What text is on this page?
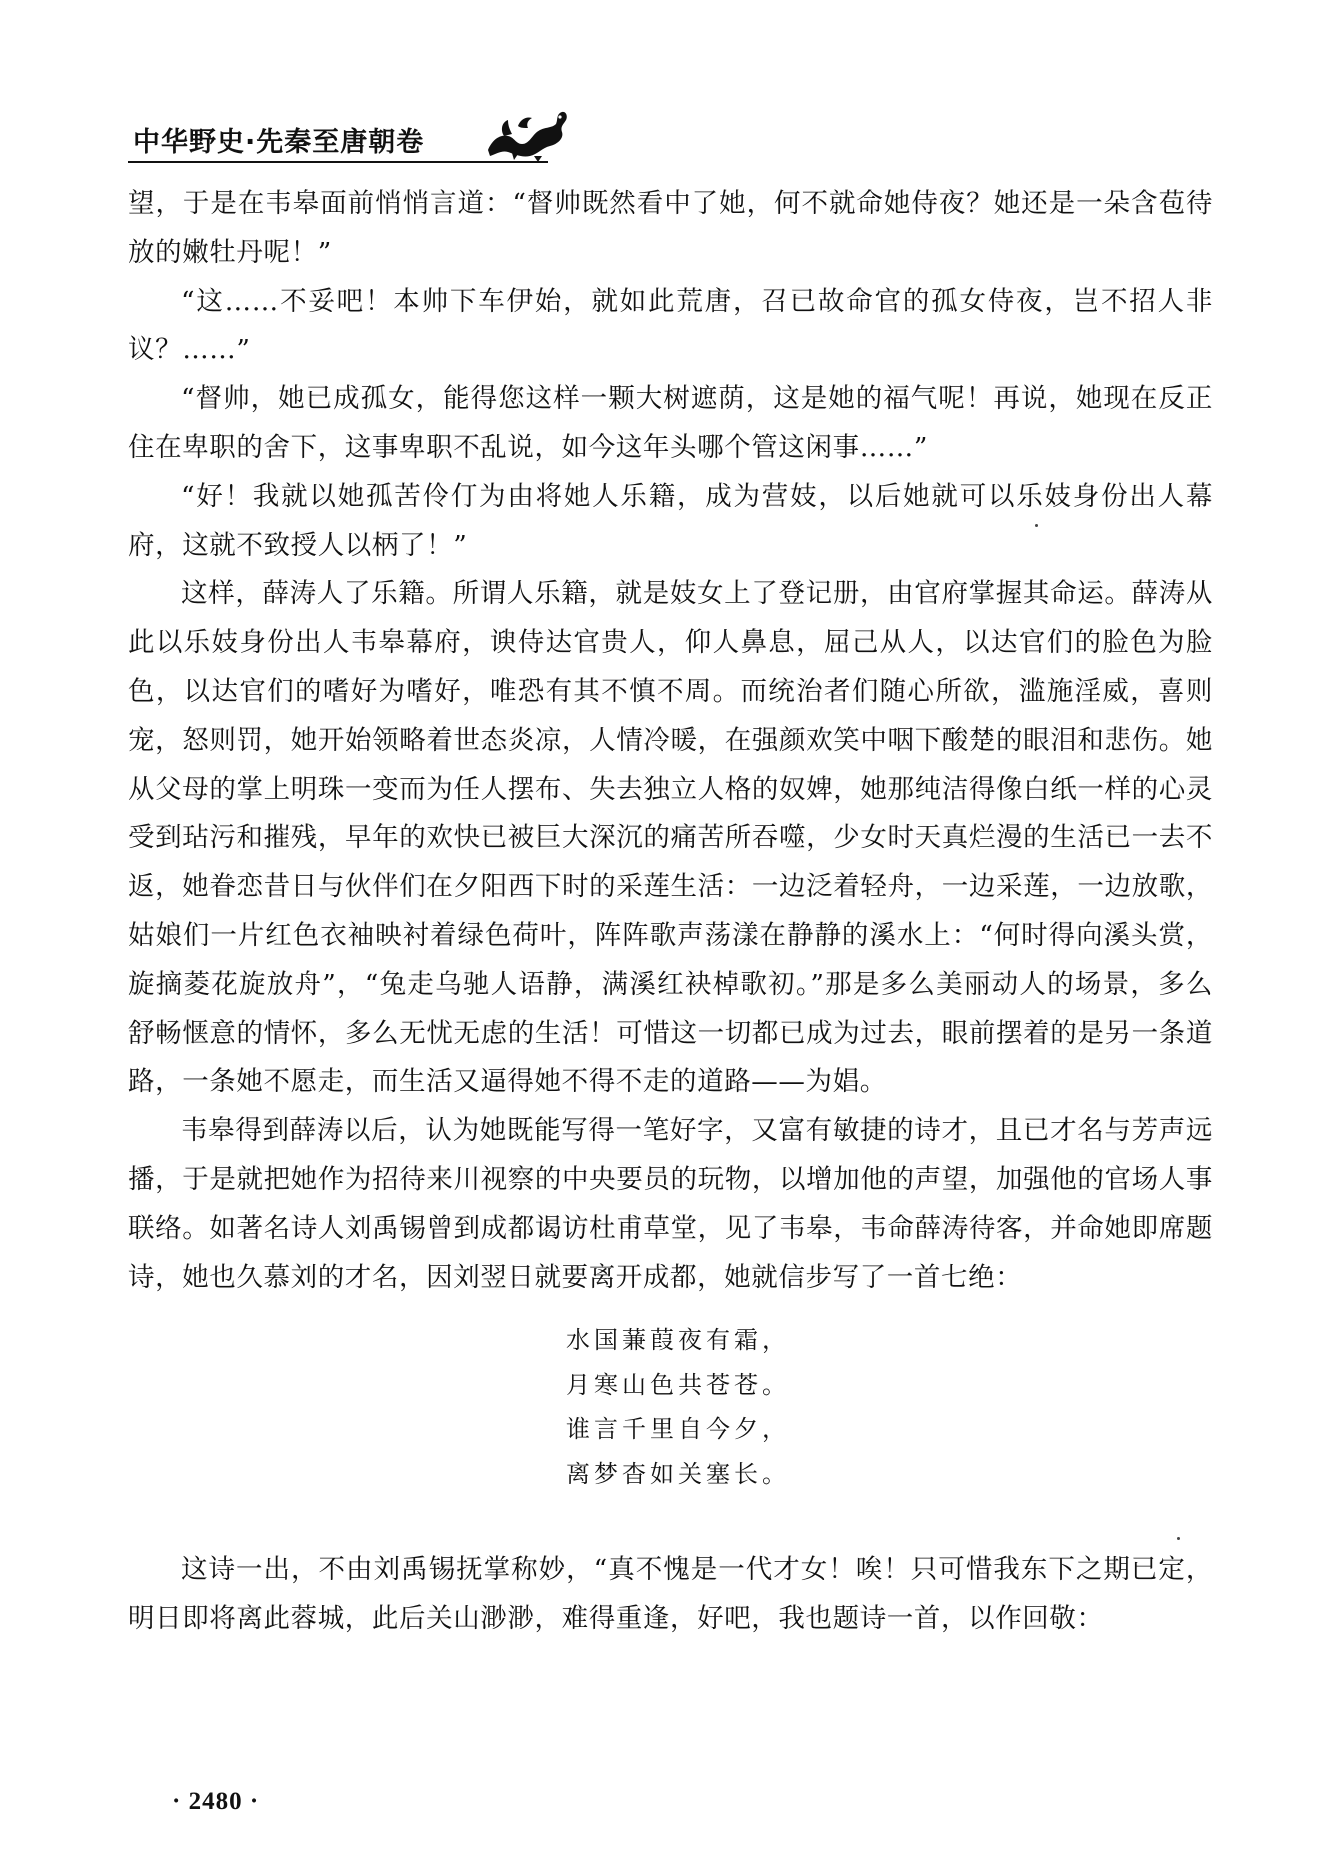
中华野史·先秦至唐朝卷

望，于是在韦皋面前悄悄言道：“督帅既然看中了她，何不就命她侍夜？她还是一朵含苞待放的嫩牡丹呢！”

“这……不妥吧！本帅下车伊始，就如此荒唐，召已故命官的孤女侍夜，岂不招人非议？……”

“督帅，她已成孤女，能得您这样一颗大树遮荫，这是她的福气呢！再说，她现在反正住在卑职的舍下，这事卑职不乱说，如今这年头哪个管这闲事……”

“好！我就以她孤苦伶仃为由将她人乐籍，成为营妓，以后她就可以乐妓身份出人幕府，这就不致授人以柄了！”

这样，薛涛人了乐籍。所谓人乐籍，就是妓女上了登记册，由官府掌握其命运。薛涛从此以乐妓身份出人韦皋幕府，谀侍达官贵人，仰人鼻息，屈己从人，以达官们的脸色为脸色，以达官们的嗜好为嗜好，唯恐有其不慎不周。而统治者们随心所欲，滥施淫威，喜则宠，怒则罚，她开始领略着世态炎凉，人情冷暖，在强颜欢笑中咽下酸楚的眼泪和悲伤。她从父母的掌上明珠一变而为任人摆布、失去独立人格的奴婢，她那纯洁得像白纸一样的心灵受到玷污和摧残，早年的欢快已被巨大深沉的痛苦所吞噬，少女时天真烂漫的生活已一去不返，她眷恋昔日与伙伴们在夕阳西下时的采莲生活：一边泛着轻舟，一边采莲，一边放歌，姑娘们一片红色衣袖映衬着绿色荷叶，阵阵歌声荡漾在静静的溪水上：“何时得向溪头赏，旋摘菱花旋放舟”，“兔走乌驰人语静，满溪红袂棹歌初。”那是多么美丽动人的场景，多么舒畅惬意的情怀，多么无忧无虑的生活！可惜这一切都已成为过去，眼前摆着的是另一条道路，一条她不愿走，而生活又逼得她不得不走的道路——为娼。

韦皋得到薛涛以后，认为她既能写得一笔好字，又富有敏捷的诗才，且已才名与芳声远播，于是就把她作为招待来川视察的中央要员的玩物，以增加他的声望，加强他的官场人事联络。如著名诗人刘禹锡曾到成都谒访杜甫草堂，见了韦皋，韦命薛涛待客，并命她即席题诗，她也久慕刘的才名，因刘翌日就要离开成都，她就信步写了一首七绝：

水国蒹葭夜有霜，
月寒山色共苍苍。
谁言千里自今夕，
离梦杳如关塞长。

这诗一出，不由刘禹锡抚掌称妙，“真不愧是一代才女！唉！只可惜我东下之期已定，明日即将离此蓉城，此后关山渺渺，难得重逢，好吧，我也题诗一首，以作回敬：

· 2480 ·
